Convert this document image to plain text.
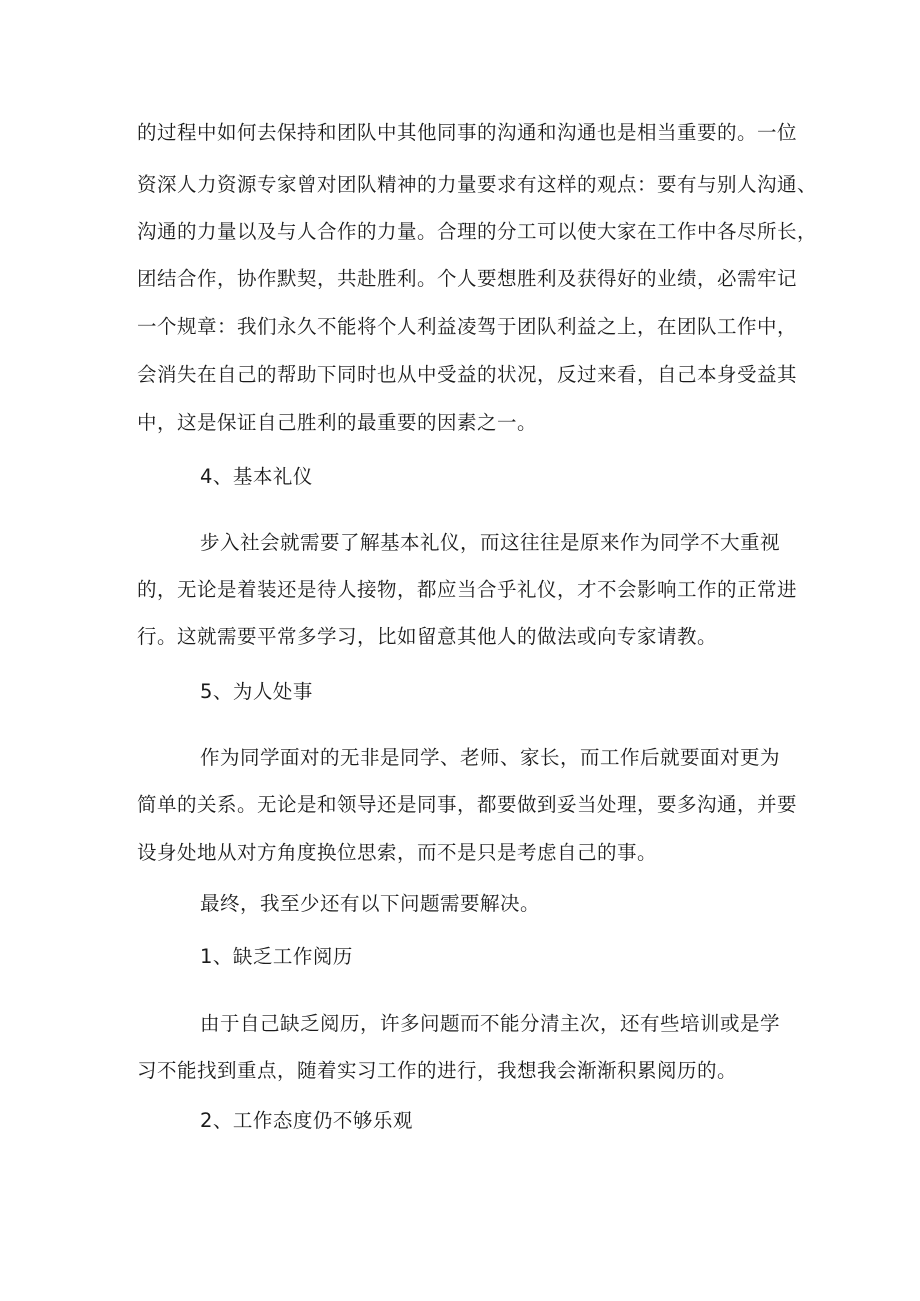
的过程中如何去保持和团队中其他同事的沟通和沟通也是相当重要的。一位
资深人力资源专家曾对团队精神的力量要求有这样的观点：要有与别人沟通、
沟通的力量以及与人合作的力量。合理的分工可以使大家在工作中各尽所长，
团结合作，协作默契，共赴胜利。个人要想胜利及获得好的业绩，必需牢记
一个规章：我们永久不能将个人利益凌驾于团队利益之上，在团队工作中，
会消失在自己的帮助下同时也从中受益的状况，反过来看，自己本身受益其
中，这是保证自己胜利的最重要的因素之一。
4、基本礼仪
步入社会就需要了解基本礼仪，而这往往是原来作为同学不大重视
的，无论是着装还是待人接物，都应当合乎礼仪，才不会影响工作的正常进
行。这就需要平常多学习，比如留意其他人的做法或向专家请教。
5、为人处事
作为同学面对的无非是同学、老师、家长，而工作后就要面对更为
简单的关系。无论是和领导还是同事，都要做到妥当处理，要多沟通，并要
设身处地从对方角度换位思索，而不是只是考虑自己的事。
最终，我至少还有以下问题需要解决。
1、缺乏工作阅历
由于自己缺乏阅历，许多问题而不能分清主次，还有些培训或是学
习不能找到重点，随着实习工作的进行，我想我会渐渐积累阅历的。
2、工作态度仍不够乐观
